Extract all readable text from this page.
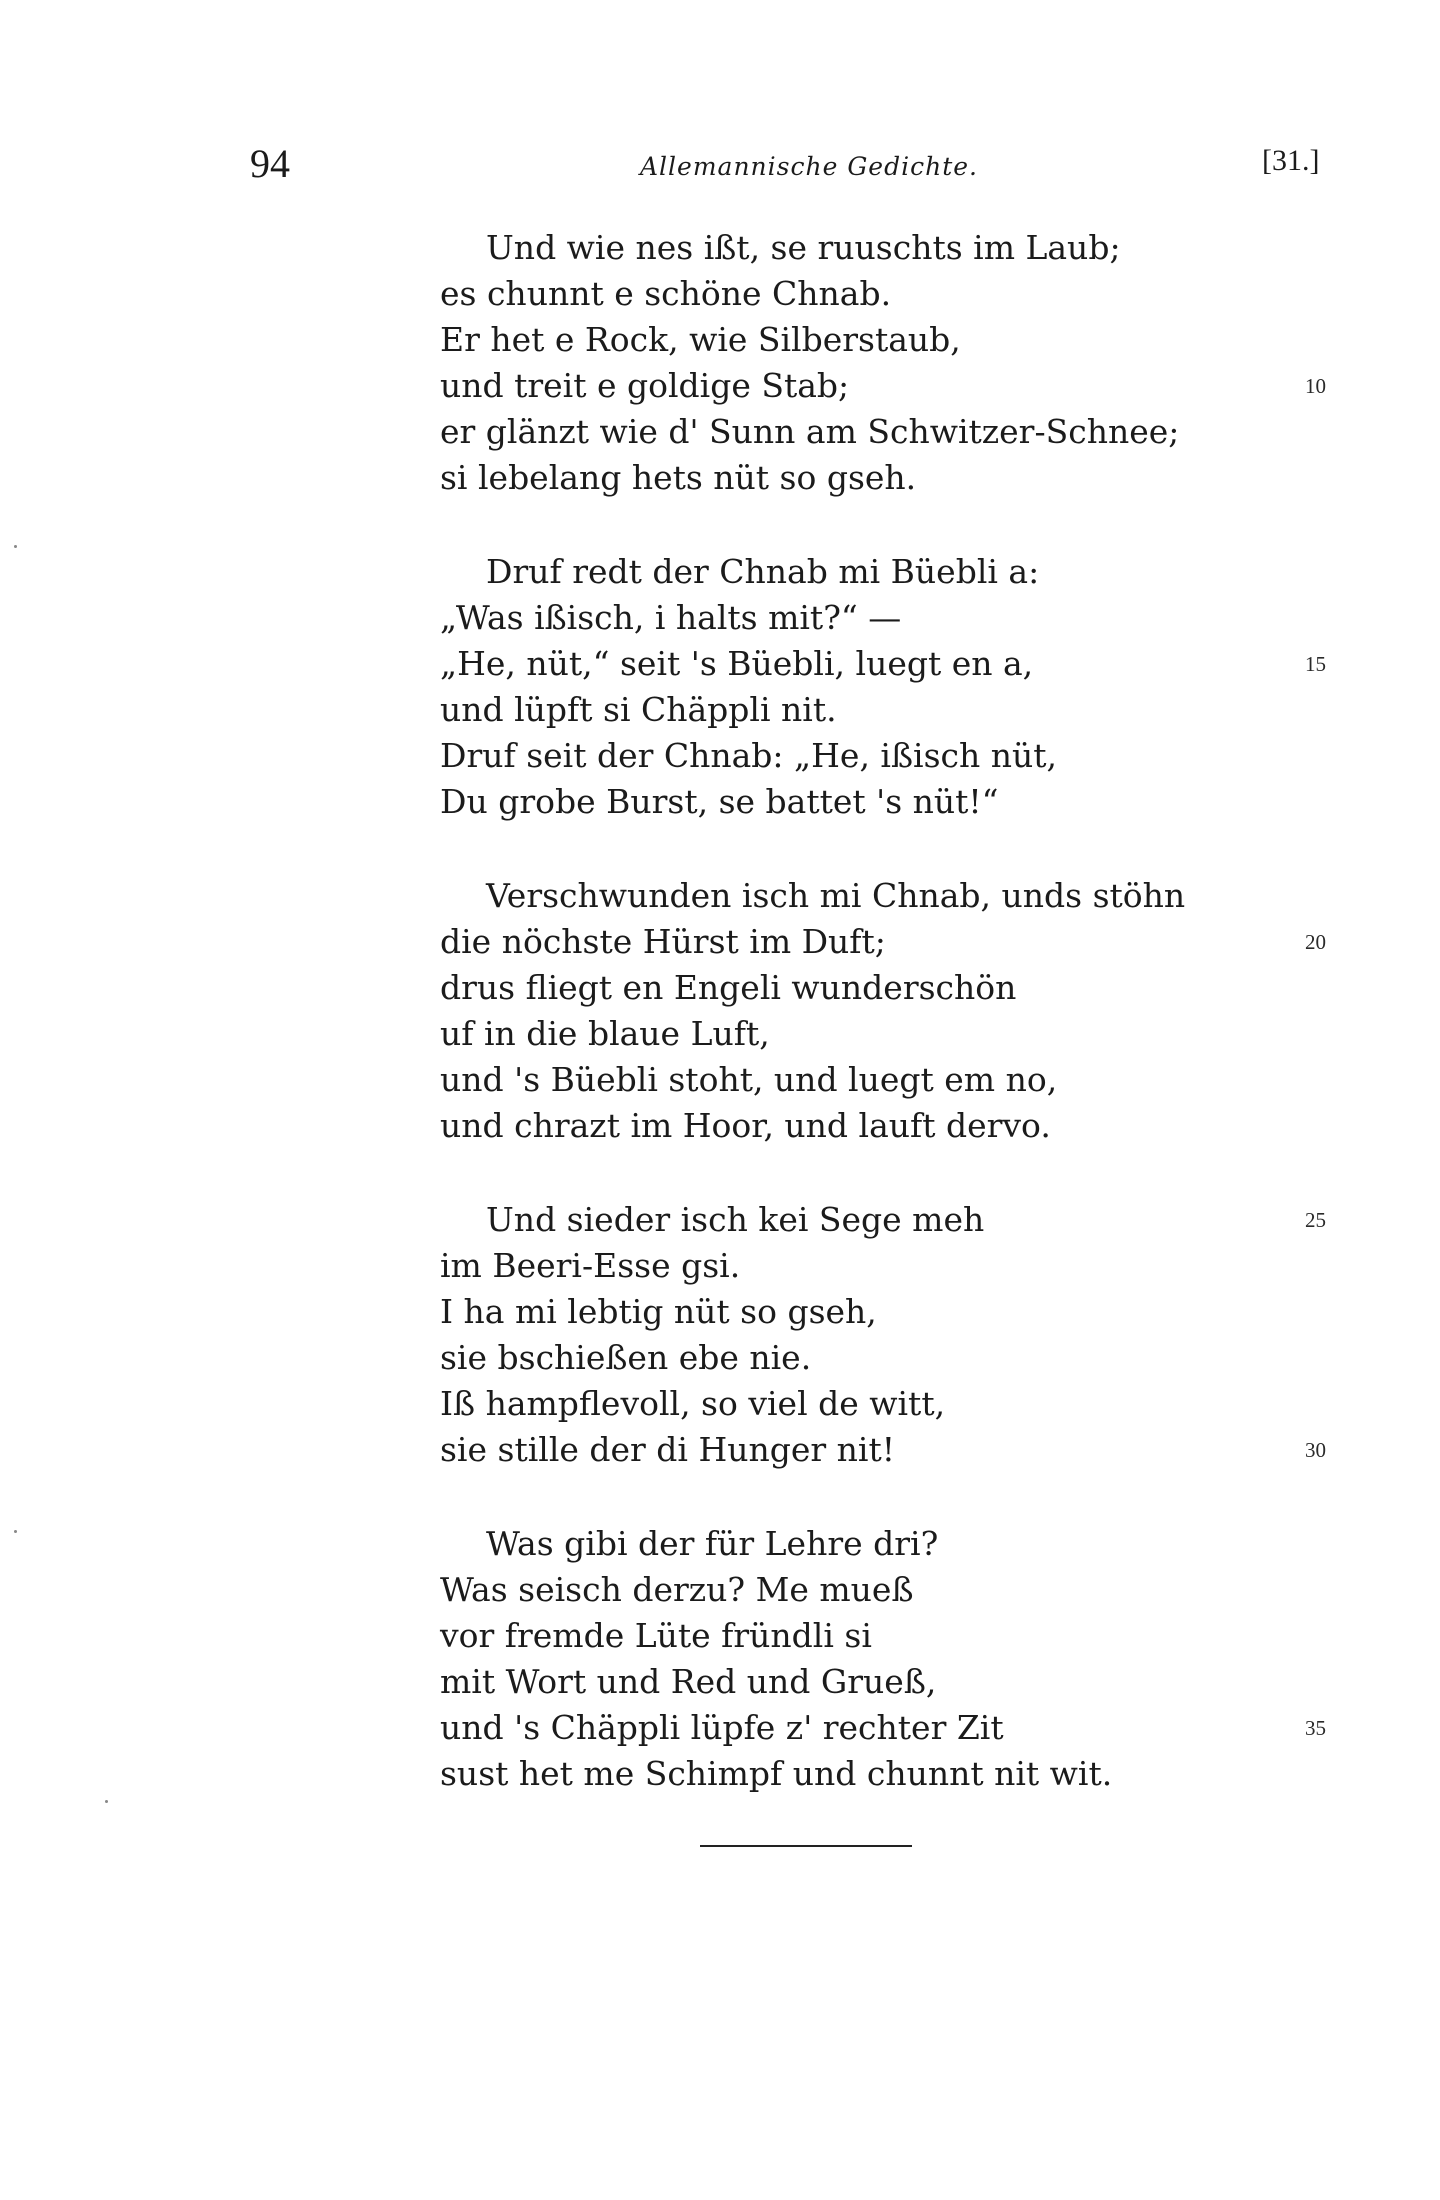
94	Allemannische Gedichte.	[31.]
Und wie nes ißt, se ruuschts im Laub;
es chunnt e schöne Chnab.
Er het e Rock, wie Silberstaub,
und treit e goldige Stab;	10
er glänzt wie d' Sunn am Schwitzer-Schnee;
si lebelang hets nüt so gseh.
Druf redt der Chnab mi Büebli a:
„Was ißisch, i halts mit?“ —
„He, nüt,“ seit 's Büebli, luegt en a,	15
und lüpft si Chäppli nit.
Druf seit der Chnab: „He, ißisch nüt,
Du grobe Burst, se battet 's nüt!“
Verschwunden isch mi Chnab, unds stöhn
die nöchste Hürst im Duft;	20
drus fliegt en Engeli wunderschön
uf in die blaue Luft,
und 's Büebli stoht, und luegt em no,
und chrazt im Hoor, und lauft dervo.
Und sieder isch kei Sege meh	25
im Beeri-Esse gsi.
I ha mi lebtig nüt so gseh,
sie bschießen ebe nie.
Iß hampflevoll, so viel de witt,
sie stille der di Hunger nit!	30
Was gibi der für Lehre dri?
Was seisch derzu? Me mueß
vor fremde Lüte fründli si
mit Wort und Red und Grueß,
und 's Chäppli lüpfe z' rechter Zit	35
sust het me Schimpf und chunnt nit wit.
